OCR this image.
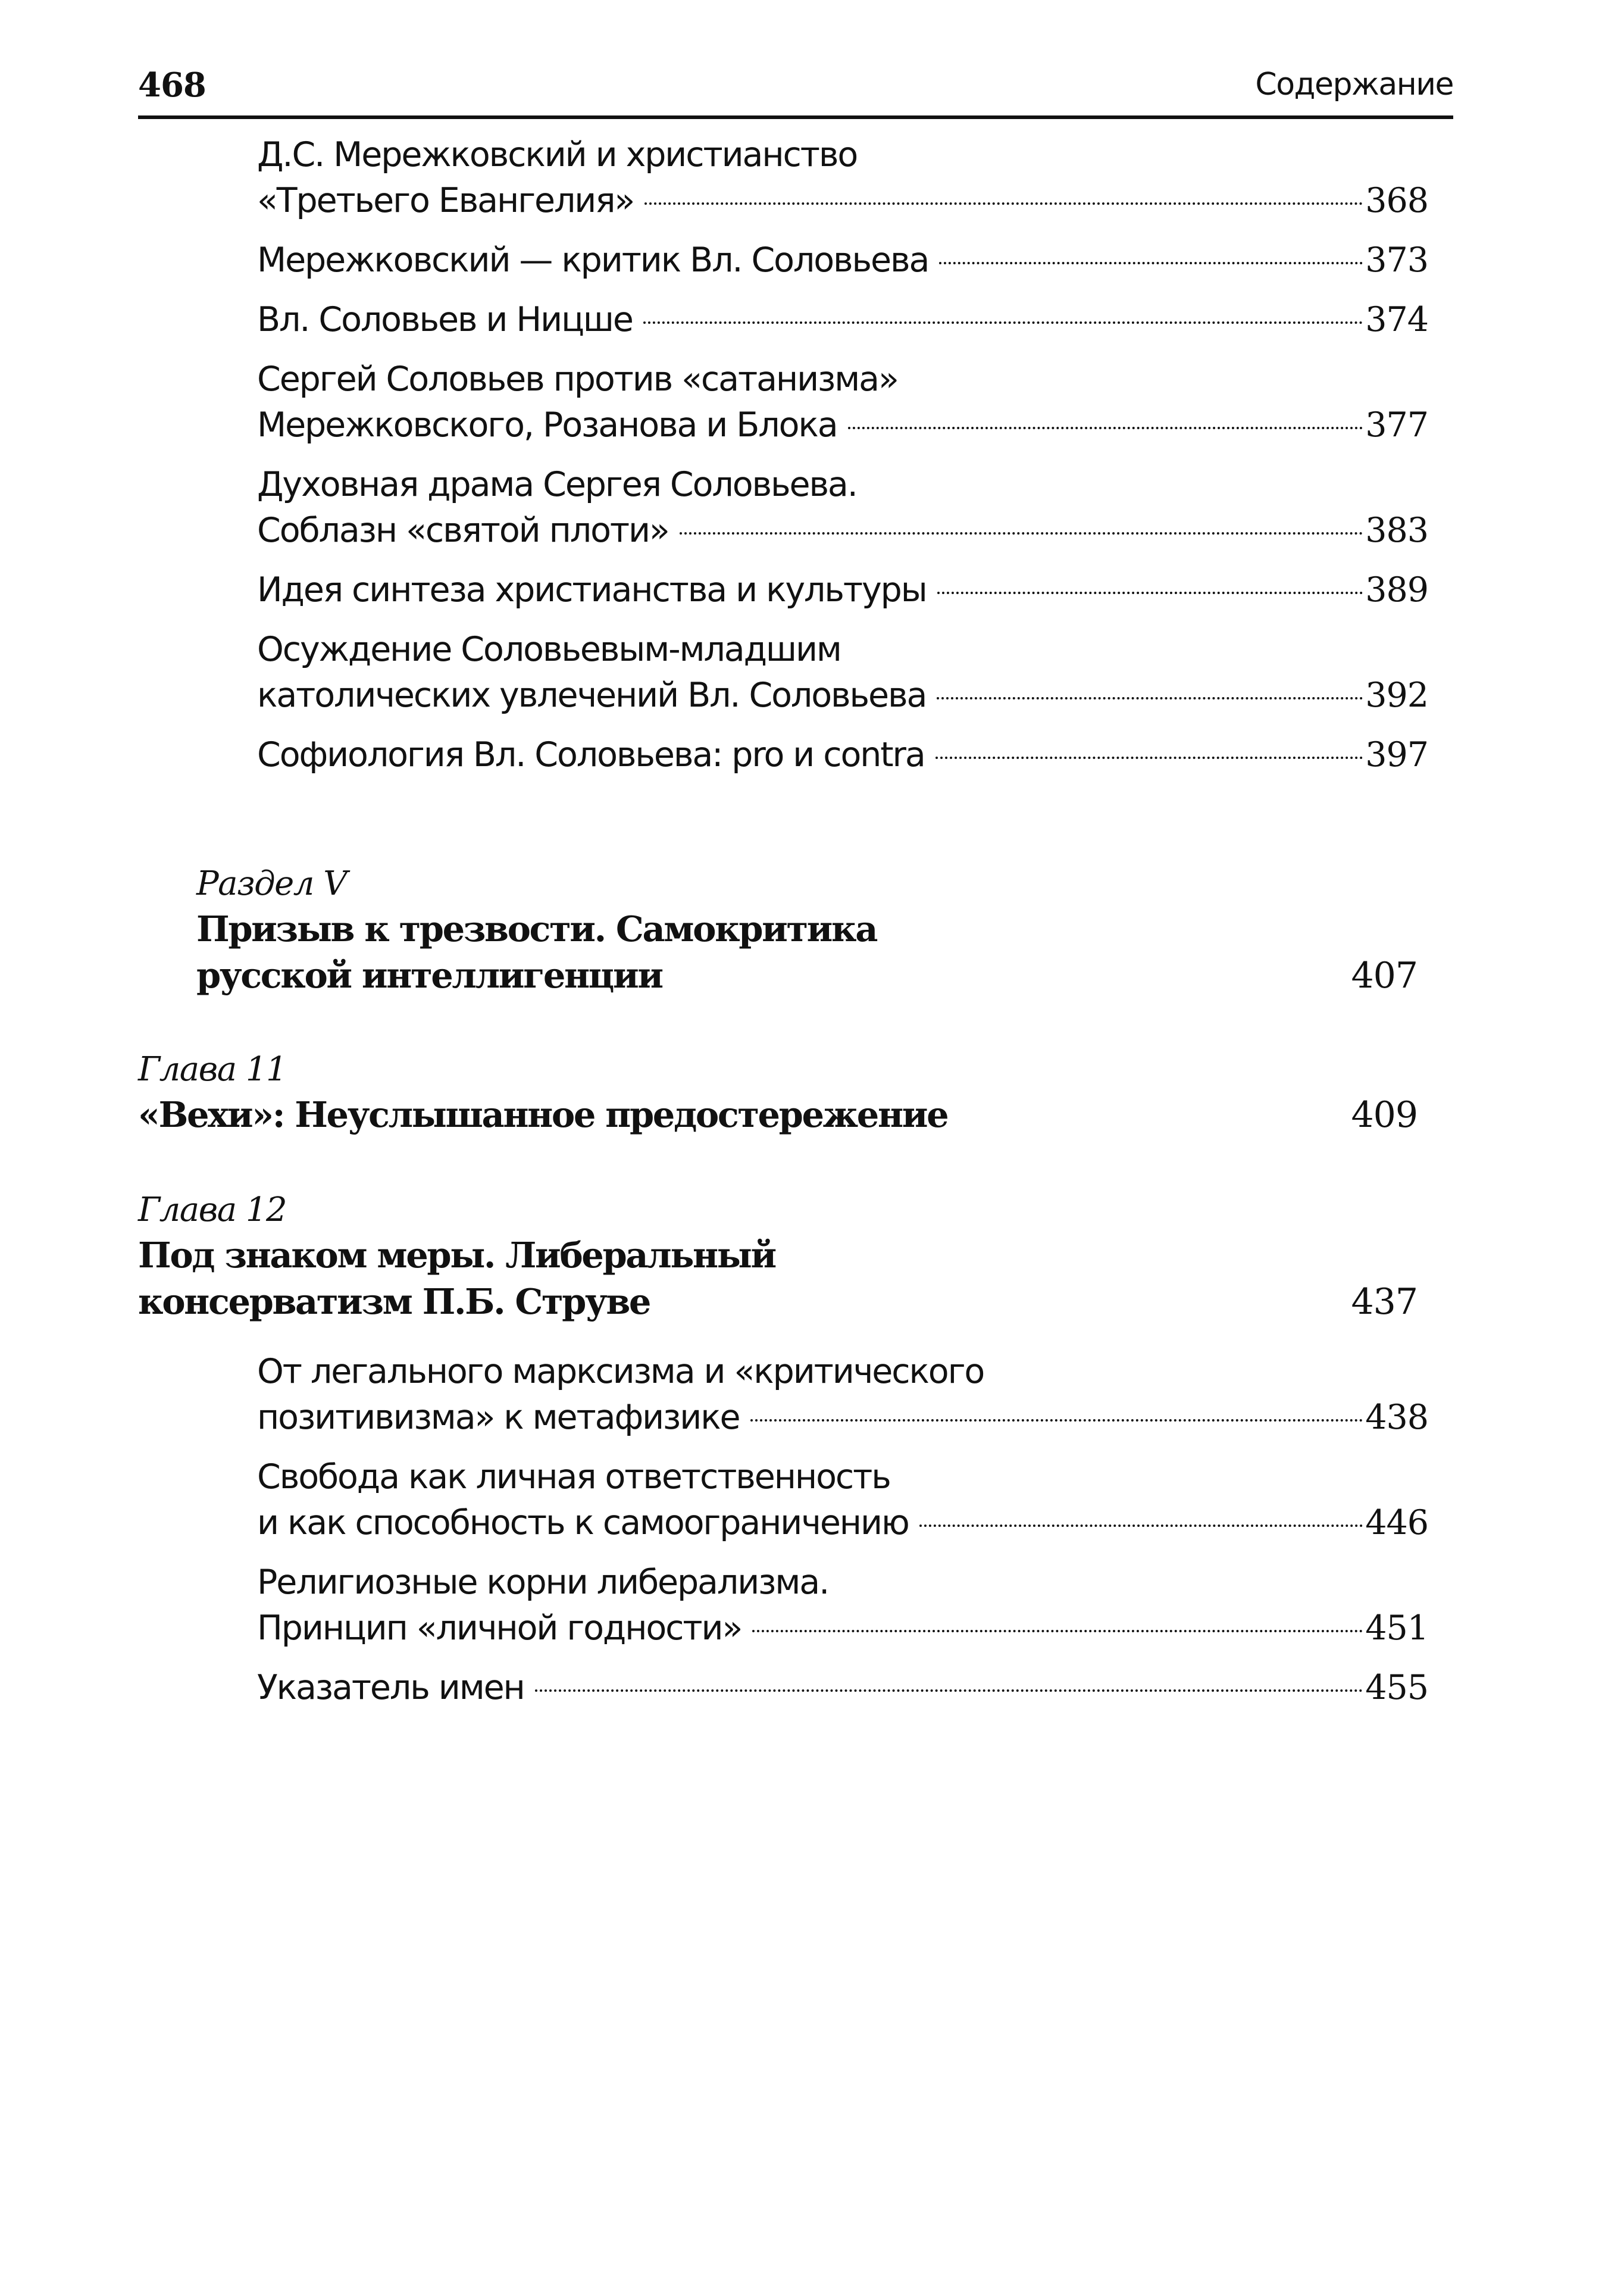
468	Содержание
Д.С. Мережковский и христианство
«Третьего Евангелия»	368
Мережковский — критик Вл. Соловьева	373
Вл. Соловьев и Ницше	374
Сергей Соловьев против «сатанизма»
Мережковского, Розанова и Блока	377
Духовная драма Сергея Соловьева.
Соблазн «святой плоти»	383
Идея синтеза христианства и культуры	389
Осуждение Соловьевым-младшим
католических увлечений Вл. Соловьева	392
Софиология Вл. Соловьева: pro и contra	397
Раздел V
Призыв к трезвости. Самокритика
русской интеллигенции	407
Глава 11
«Вехи»: Неуслышанное предостережение	409
Глава 12
Под знаком меры. Либеральный
консерватизм П.Б. Струве	437
От легального марксизма и «критического
позитивизма» к метафизике	438
Свобода как личная ответственность
и как способность к самоограничению	446
Религиозные корни либерализма.
Принцип «личной годности»	451
Указатель имен	455
